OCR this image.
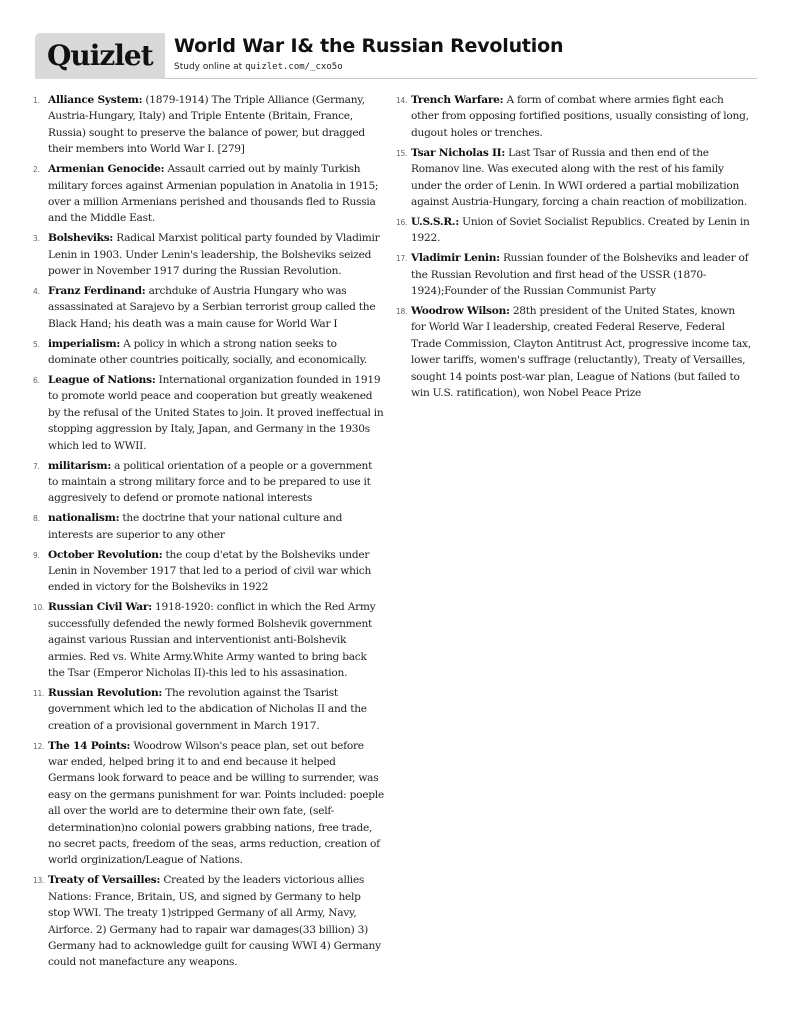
Quizlet World War I& the Russian Revolution
Study online at quizlet.com/_cxo5o
1. Alliance System: (1879-1914) The Triple Alliance (Germany, Austria-Hungary, Italy) and Triple Entente (Britain, France, Russia) sought to preserve the balance of power, but dragged their members into World War I. [279]
2. Armenian Genocide: Assault carried out by mainly Turkish military forces against Armenian population in Anatolia in 1915; over a million Armenians perished and thousands fled to Russia and the Middle East.
3. Bolsheviks: Radical Marxist political party founded by Vladimir Lenin in 1903. Under Lenin's leadership, the Bolsheviks seized power in November 1917 during the Russian Revolution.
4. Franz Ferdinand: archduke of Austria Hungary who was assassinated at Sarajevo by a Serbian terrorist group called the Black Hand; his death was a main cause for World War I
5. imperialism: A policy in which a strong nation seeks to dominate other countries poitically, socially, and economically.
6. League of Nations: International organization founded in 1919 to promote world peace and cooperation but greatly weakened by the refusal of the United States to join. It proved ineffectual in stopping aggression by Italy, Japan, and Germany in the 1930s which led to WWII.
7. militarism: a political orientation of a people or a government to maintain a strong military force and to be prepared to use it aggresively to defend or promote national interests
8. nationalism: the doctrine that your national culture and interests are superior to any other
9. October Revolution: the coup d'etat by the Bolsheviks under Lenin in November 1917 that led to a period of civil war which ended in victory for the Bolsheviks in 1922
10. Russian Civil War: 1918-1920: conflict in which the Red Army successfully defended the newly formed Bolshevik government against various Russian and interventionist anti-Bolshevik armies. Red vs. White Army.White Army wanted to bring back the Tsar (Emperor Nicholas II)-this led to his assasination.
11. Russian Revolution: The revolution against the Tsarist government which led to the abdication of Nicholas II and the creation of a provisional government in March 1917.
12. The 14 Points: Woodrow Wilson's peace plan, set out before war ended, helped bring it to and end because it helped Germans look forward to peace and be willing to surrender, was easy on the germans punishment for war. Points included: poeple all over the world are to determine their own fate, (self-determination)no colonial powers grabbing nations, free trade, no secret pacts, freedom of the seas, arms reduction, creation of world orginization/League of Nations.
13. Treaty of Versailles: Created by the leaders victorious allies Nations: France, Britain, US, and signed by Germany to help stop WWI. The treaty 1)stripped Germany of all Army, Navy, Airforce. 2) Germany had to rapair war damages(33 billion) 3) Germany had to acknowledge guilt for causing WWI 4) Germany could not manefacture any weapons.
14. Trench Warfare: A form of combat where armies fight each other from opposing fortified positions, usually consisting of long, dugout holes or trenches.
15. Tsar Nicholas II: Last Tsar of Russia and then end of the Romanov line. Was executed along with the rest of his family under the order of Lenin. In WWI ordered a partial mobilization against Austria-Hungary, forcing a chain reaction of mobilization.
16. U.S.S.R.: Union of Soviet Socialist Republics. Created by Lenin in 1922.
17. Vladimir Lenin: Russian founder of the Bolsheviks and leader of the Russian Revolution and first head of the USSR (1870-1924);Founder of the Russian Communist Party
18. Woodrow Wilson: 28th president of the United States, known for World War I leadership, created Federal Reserve, Federal Trade Commission, Clayton Antitrust Act, progressive income tax, lower tariffs, women's suffrage (reluctantly), Treaty of Versailles, sought 14 points post-war plan, League of Nations (but failed to win U.S. ratification), won Nobel Peace Prize
